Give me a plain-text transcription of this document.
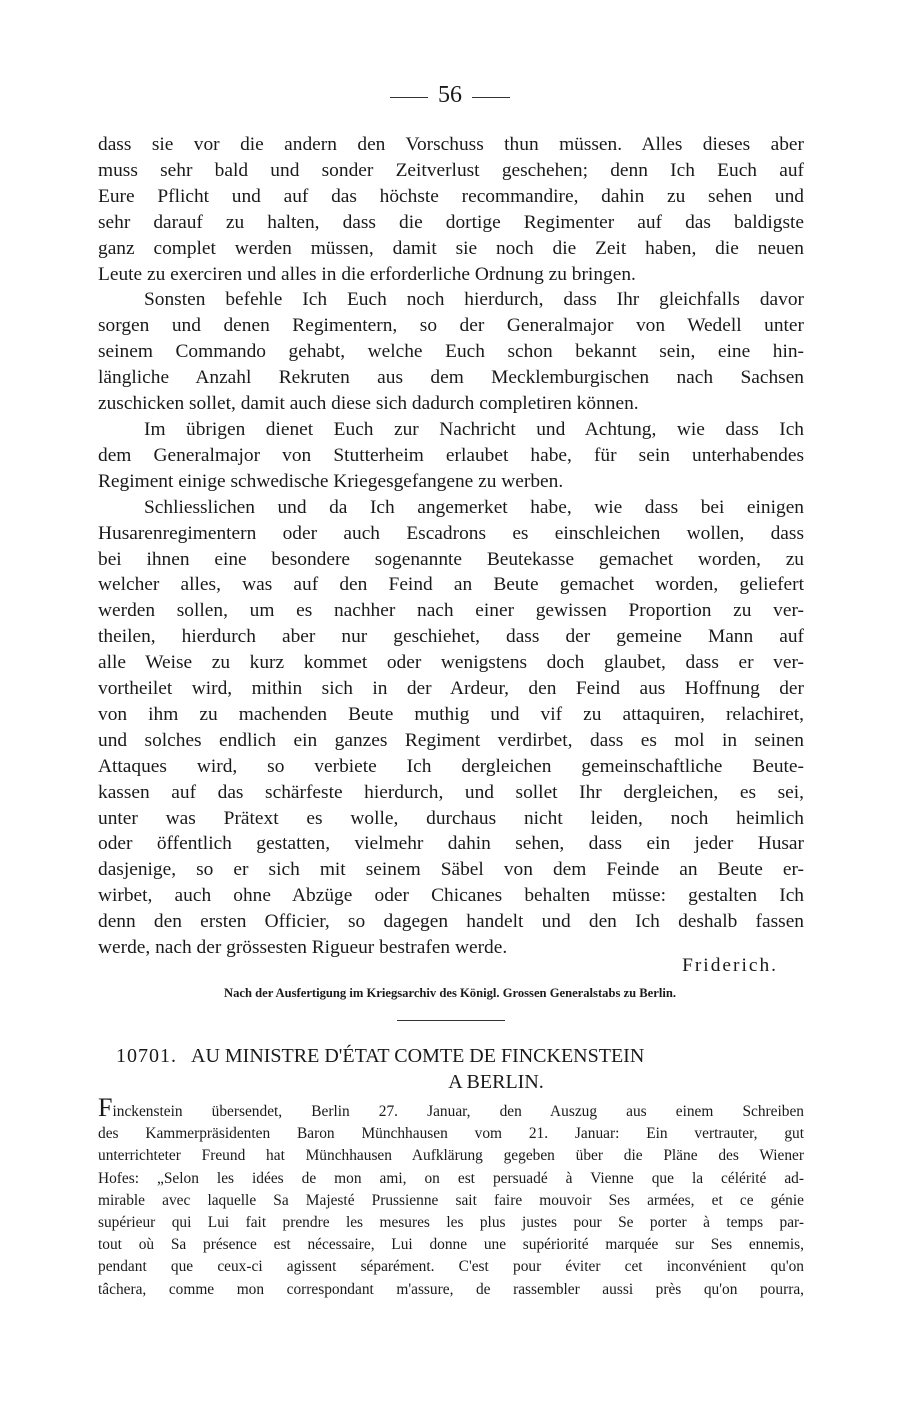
56

dass sie vor die andern den Vorschuss thun müssen. Alles dieses aber

muss sehr bald und sonder Zeitverlust geschehen; denn Ich Euch auf

Eure Pflicht und auf das höchste recommandire, dahin zu sehen und

sehr darauf zu halten, dass die dortige Regimenter auf das baldigste

ganz complet werden müssen, damit sie noch die Zeit haben, die neuen

Leute zu exerciren und alles in die erforderliche Ordnung zu bringen.

Sonsten befehle Ich Euch noch hierdurch, dass Ihr gleichfalls davor

sorgen und denen Regimentern, so der Generalmajor von Wedell unter

seinem Commando gehabt, welche Euch schon bekannt sein, eine hin-

längliche Anzahl Rekruten aus dem Mecklemburgischen nach Sachsen

zuschicken sollet, damit auch diese sich dadurch completiren können.

Im übrigen dienet Euch zur Nachricht und Achtung, wie dass Ich

dem Generalmajor von Stutterheim erlaubet habe, für sein unterhabendes

Regiment einige schwedische Kriegesgefangene zu werben.

Schliesslichen und da Ich angemerket habe, wie dass bei einigen

Husarenregimentern oder auch Escadrons es einschleichen wollen, dass

bei ihnen eine besondere sogenannte Beutekasse gemachet worden, zu

welcher alles, was auf den Feind an Beute gemachet worden, geliefert

werden sollen, um es nachher nach einer gewissen Proportion zu ver-

theilen, hierdurch aber nur geschiehet, dass der gemeine Mann auf

alle Weise zu kurz kommet oder wenigstens doch glaubet, dass er ver-

vortheilet wird, mithin sich in der Ardeur, den Feind aus Hoffnung der

von ihm zu machenden Beute muthig und vif zu attaquiren, relachiret,

und solches endlich ein ganzes Regiment verdirbet, dass es mol in seinen

Attaques wird, so verbiete Ich dergleichen gemeinschaftliche Beute-

kassen auf das schärfeste hierdurch, und sollet Ihr dergleichen, es sei,

unter was Prätext es wolle, durchaus nicht leiden, noch heimlich

oder öffentlich gestatten, vielmehr dahin sehen, dass ein jeder Husar

dasjenige, so er sich mit seinem Säbel von dem Feinde an Beute er-

wirbet, auch ohne Abzüge oder Chicanes behalten müsse: gestalten Ich

denn den ersten Officier, so dagegen handelt und den Ich deshalb fassen

werde, nach der grössesten Rigueur bestrafen werde.

Friderich.
Nach der Ausfertigung im Kriegsarchiv des Königl. Grossen Generalstabs zu Berlin.
10701. AU MINISTRE D'ÉTAT COMTE DE FINCKENSTEIN
A BERLIN.

Finckenstein übersendet, Berlin 27. Januar, den Auszug aus einem Schreiben

des Kammerpräsidenten Baron Münchhausen vom 21. Januar: Ein vertrauter, gut

unterrichteter Freund hat Münchhausen Aufklärung gegeben über die Pläne des Wiener

Hofes: „Selon les idées de mon ami, on est persuadé à Vienne que la célérité ad-

mirable avec laquelle Sa Majesté Prussienne sait faire mouvoir Ses armées, et ce génie

supérieur qui Lui fait prendre les mesures les plus justes pour Se porter à temps par-

tout où Sa présence est nécessaire, Lui donne une supériorité marquée sur Ses ennemis,

pendant que ceux-ci agissent séparément. C'est pour éviter cet inconvénient qu'on

tâchera, comme mon correspondant m'assure, de rassembler aussi près qu'on pourra,
